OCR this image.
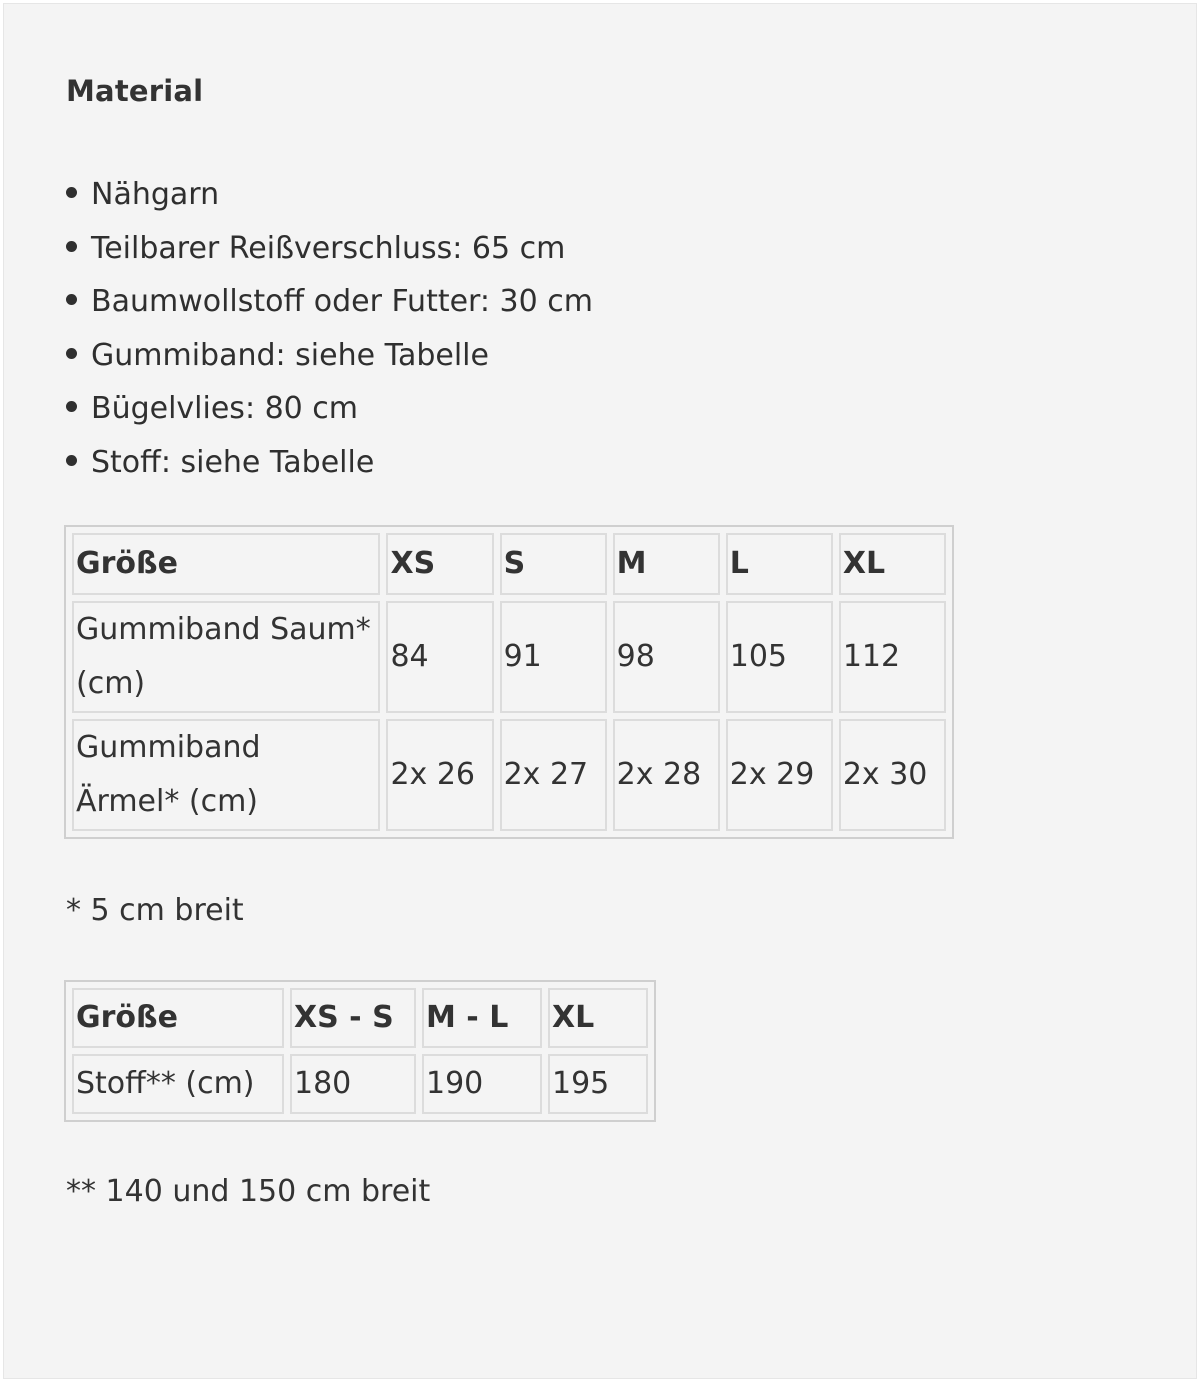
Material
Nähgarn
Teilbarer Reißverschluss: 65 cm
Baumwollstoff oder Futter: 30 cm
Gummiband: siehe Tabelle
Bügelvlies: 80 cm
Stoff: siehe Tabelle
Größe	XS	S	M	L	XL
Gummiband Saum* (cm)	84	91	98	105	112
Gummiband Ärmel* (cm)	2x 26	2x 27	2x 28	2x 29	2x 30

* 5 cm breit

Größe	XS - S	M - L	XL
Stoff** (cm)	180	190	195

** 140 und 150 cm breit
